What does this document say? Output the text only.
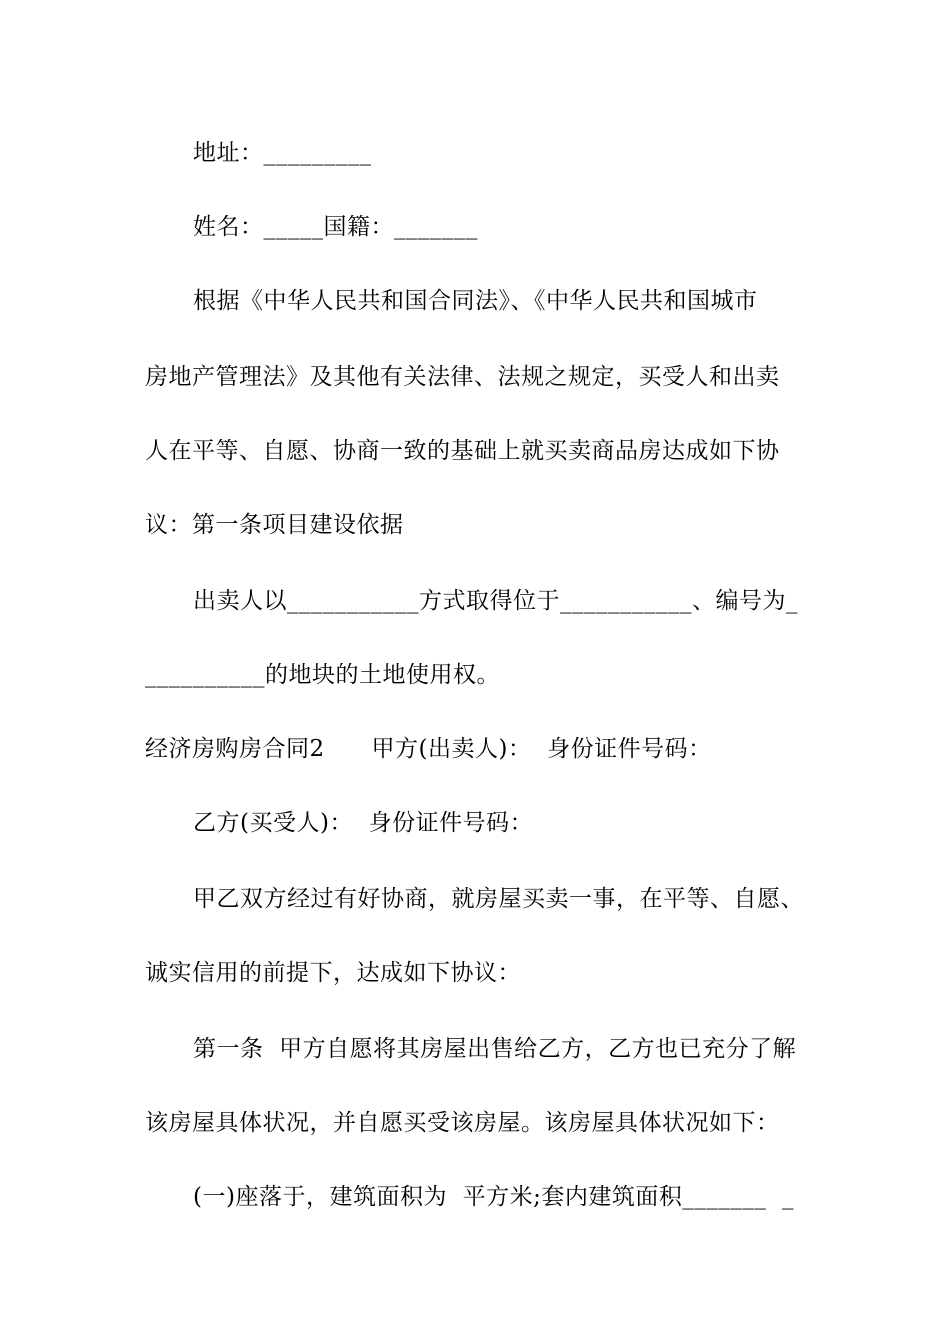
地址：_________
姓名：_____国籍：_______
根据《中华人民共和国合同法》、《中华人民共和国城市
房地产管理法》及其他有关法律、法规之规定，买受人和出卖
人在平等、自愿、协商一致的基础上就买卖商品房达成如下协
议：第一条项目建设依据
出卖人以___________方式取得位于___________、编号为_
__________的地块的土地使用权。
经济房购房合同2      甲方(出卖人)：  身份证件号码：
乙方(买受人)：  身份证件号码：
甲乙双方经过有好协商，就房屋买卖一事，在平等、自愿、
诚实信用的前提下，达成如下协议：
第一条  甲方自愿将其房屋出售给乙方，乙方也已充分了解
该房屋具体状况，并自愿买受该房屋。该房屋具体状况如下：
(一)座落于，建筑面积为  平方米;套内建筑面积_______  _
